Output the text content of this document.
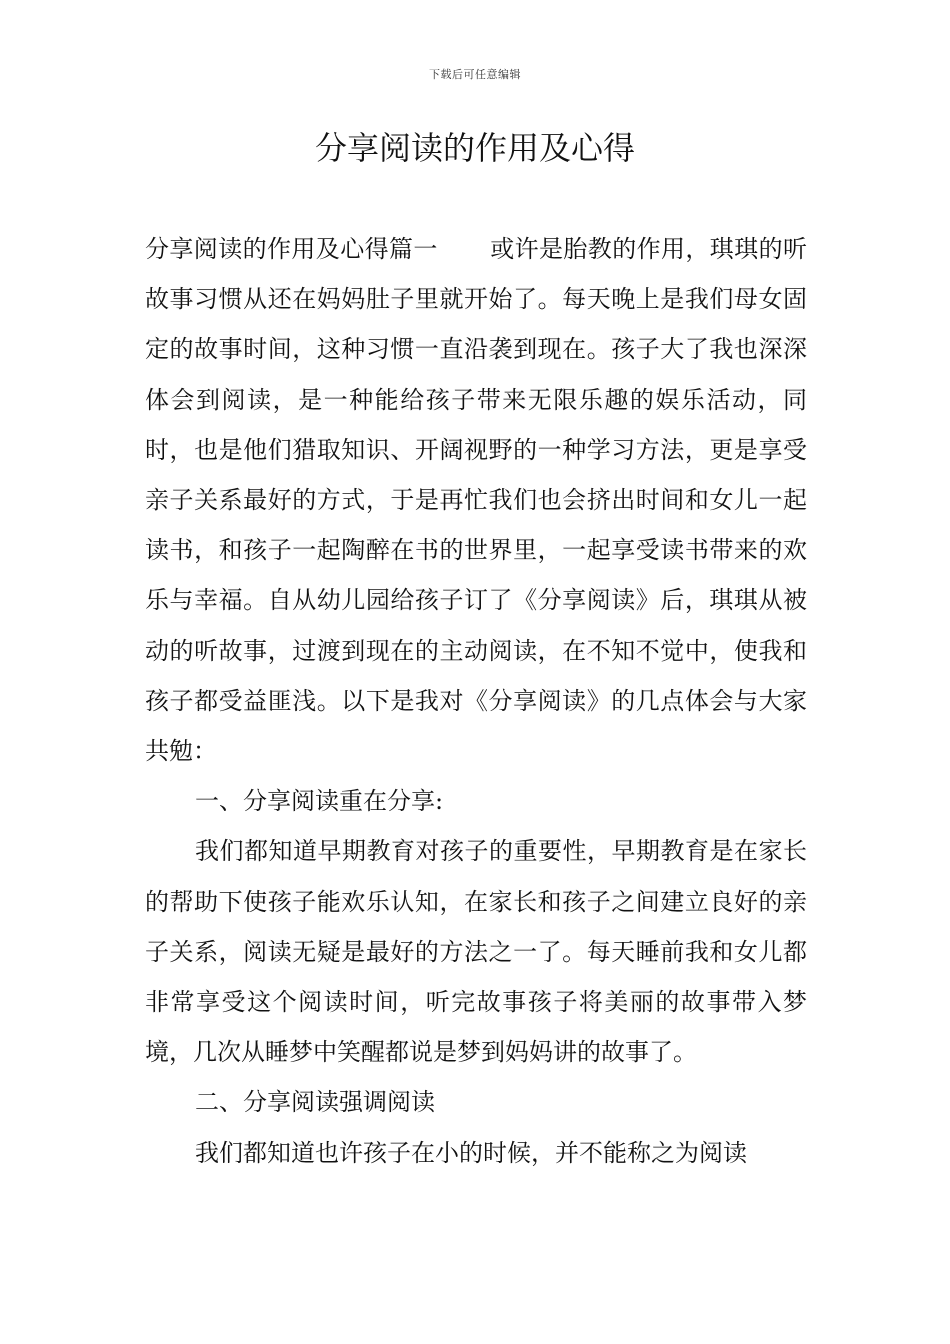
下载后可任意编辑
分享阅读的作用及心得

分享阅读的作用及心得篇一 或许是胎教的作用，琪琪的听故事习惯从还在妈妈肚子里就开始了。每天晚上是我们母女固定的故事时间，这种习惯一直沿袭到现在。孩子大了我也深深体会到阅读，是一种能给孩子带来无限乐趣的娱乐活动，同时，也是他们猎取知识、开阔视野的一种学习方法，更是享受亲子关系最好的方式，于是再忙我们也会挤出时间和女儿一起读书，和孩子一起陶醉在书的世界里，一起享受读书带来的欢乐与幸福。自从幼儿园给孩子订了《分享阅读》后，琪琪从被动的听故事，过渡到现在的主动阅读，在不知不觉中，使我和孩子都受益匪浅。以下是我对《分享阅读》的几点体会与大家共勉：

一、分享阅读重在分享:

我们都知道早期教育对孩子的重要性，早期教育是在家长的帮助下使孩子能欢乐认知，在家长和孩子之间建立良好的亲子关系，阅读无疑是最好的方法之一了。每天睡前我和女儿都非常享受这个阅读时间，听完故事孩子将美丽的故事带入梦境，几次从睡梦中笑醒都说是梦到妈妈讲的故事了。

二、分享阅读强调阅读

我们都知道也许孩子在小的时候，并不能称之为阅读
